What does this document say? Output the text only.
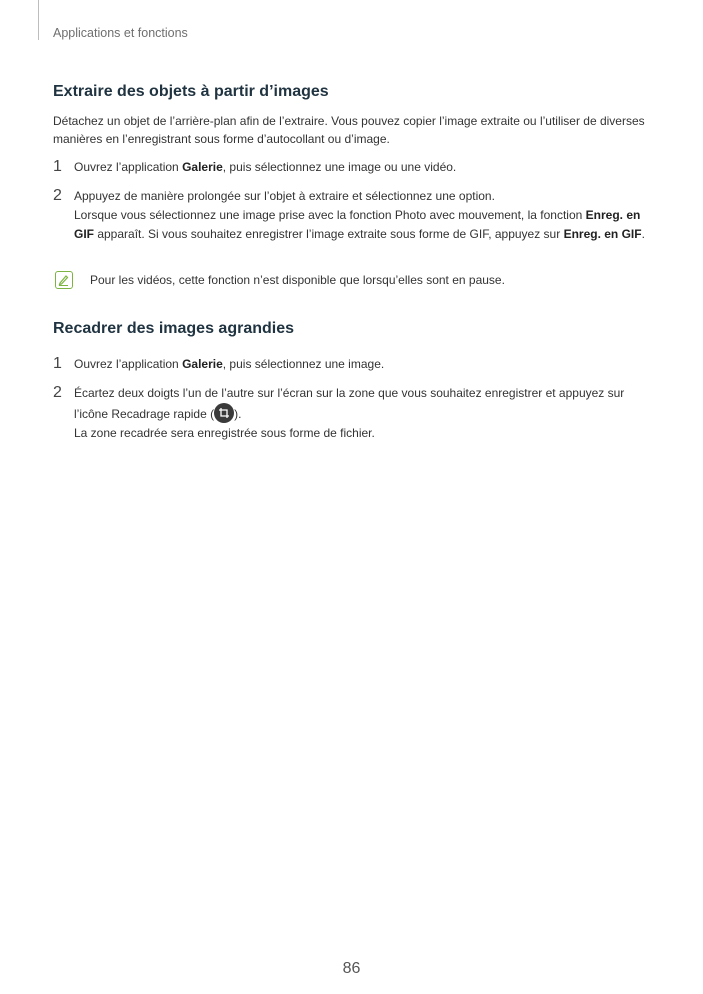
Applications et fonctions
Extraire des objets à partir d’images
Détachez un objet de l’arrière-plan afin de l’extraire. Vous pouvez copier l’image extraite ou l’utiliser de diverses manières en l’enregistrant sous forme d’autocollant ou d’image.
1 Ouvrez l’application Galerie, puis sélectionnez une image ou une vidéo.
2 Appuyez de manière prolongée sur l’objet à extraire et sélectionnez une option.
Lorsque vous sélectionnez une image prise avec la fonction Photo avec mouvement, la fonction Enreg. en GIF apparaît. Si vous souhaitez enregistrer l’image extraite sous forme de GIF, appuyez sur Enreg. en GIF.
Pour les vidéos, cette fonction n’est disponible que lorsqu’elles sont en pause.
Recadrer des images agrandies
1 Ouvrez l’application Galerie, puis sélectionnez une image.
2 Écartez deux doigts l’un de l’autre sur l’écran sur la zone que vous souhaitez enregistrer et appuyez sur
l’icône Recadrage rapide ( ).
La zone recadrée sera enregistrée sous forme de fichier.
86
